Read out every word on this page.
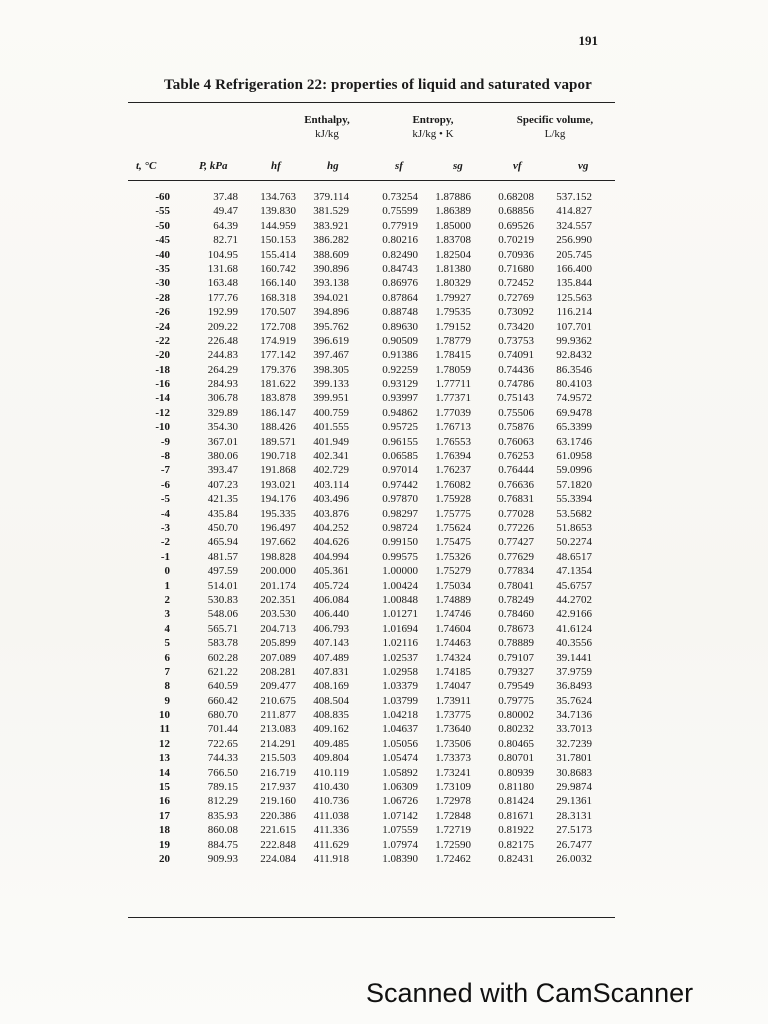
191
Table 4 Refrigeration 22: properties of liquid and saturated vapor
Enthalpy,
kJ/kg
Entropy,
kJ/kg • K
Specific volume,
L/kg
t, °C	P, kPa	hf	hg	sf	sg	vf	vg
-60	37.48	134.763	379.114	0.73254	1.87886	0.68208	537.152
-55	49.47	139.830	381.529	0.75599	1.86389	0.68856	414.827
-50	64.39	144.959	383.921	0.77919	1.85000	0.69526	324.557
-45	82.71	150.153	386.282	0.80216	1.83708	0.70219	256.990
-40	104.95	155.414	388.609	0.82490	1.82504	0.70936	205.745
-35	131.68	160.742	390.896	0.84743	1.81380	0.71680	166.400
-30	163.48	166.140	393.138	0.86976	1.80329	0.72452	135.844
-28	177.76	168.318	394.021	0.87864	1.79927	0.72769	125.563
-26	192.99	170.507	394.896	0.88748	1.79535	0.73092	116.214
-24	209.22	172.708	395.762	0.89630	1.79152	0.73420	107.701
-22	226.48	174.919	396.619	0.90509	1.78779	0.73753	99.9362
-20	244.83	177.142	397.467	0.91386	1.78415	0.74091	92.8432
-18	264.29	179.376	398.305	0.92259	1.78059	0.74436	86.3546
-16	284.93	181.622	399.133	0.93129	1.77711	0.74786	80.4103
-14	306.78	183.878	399.951	0.93997	1.77371	0.75143	74.9572
-12	329.89	186.147	400.759	0.94862	1.77039	0.75506	69.9478
-10	354.30	188.426	401.555	0.95725	1.76713	0.75876	65.3399
-9	367.01	189.571	401.949	0.96155	1.76553	0.76063	63.1746
-8	380.06	190.718	402.341	0.06585	1.76394	0.76253	61.0958
-7	393.47	191.868	402.729	0.97014	1.76237	0.76444	59.0996
-6	407.23	193.021	403.114	0.97442	1.76082	0.76636	57.1820
-5	421.35	194.176	403.496	0.97870	1.75928	0.76831	55.3394
-4	435.84	195.335	403.876	0.98297	1.75775	0.77028	53.5682
-3	450.70	196.497	404.252	0.98724	1.75624	0.77226	51.8653
-2	465.94	197.662	404.626	0.99150	1.75475	0.77427	50.2274
-1	481.57	198.828	404.994	0.99575	1.75326	0.77629	48.6517
0	497.59	200.000	405.361	1.00000	1.75279	0.77834	47.1354
1	514.01	201.174	405.724	1.00424	1.75034	0.78041	45.6757
2	530.83	202.351	406.084	1.00848	1.74889	0.78249	44.2702
3	548.06	203.530	406.440	1.01271	1.74746	0.78460	42.9166
4	565.71	204.713	406.793	1.01694	1.74604	0.78673	41.6124
5	583.78	205.899	407.143	1.02116	1.74463	0.78889	40.3556
6	602.28	207.089	407.489	1.02537	1.74324	0.79107	39.1441
7	621.22	208.281	407.831	1.02958	1.74185	0.79327	37.9759
8	640.59	209.477	408.169	1.03379	1.74047	0.79549	36.8493
9	660.42	210.675	408.504	1.03799	1.73911	0.79775	35.7624
10	680.70	211.877	408.835	1.04218	1.73775	0.80002	34.7136
11	701.44	213.083	409.162	1.04637	1.73640	0.80232	33.7013
12	722.65	214.291	409.485	1.05056	1.73506	0.80465	32.7239
13	744.33	215.503	409.804	1.05474	1.73373	0.80701	31.7801
14	766.50	216.719	410.119	1.05892	1.73241	0.80939	30.8683
15	789.15	217.937	410.430	1.06309	1.73109	0.81180	29.9874
16	812.29	219.160	410.736	1.06726	1.72978	0.81424	29.1361
17	835.93	220.386	411.038	1.07142	1.72848	0.81671	28.3131
18	860.08	221.615	411.336	1.07559	1.72719	0.81922	27.5173
19	884.75	222.848	411.629	1.07974	1.72590	0.82175	26.7477
20	909.93	224.084	411.918	1.08390	1.72462	0.82431	26.0032
Scanned with CamScanner
